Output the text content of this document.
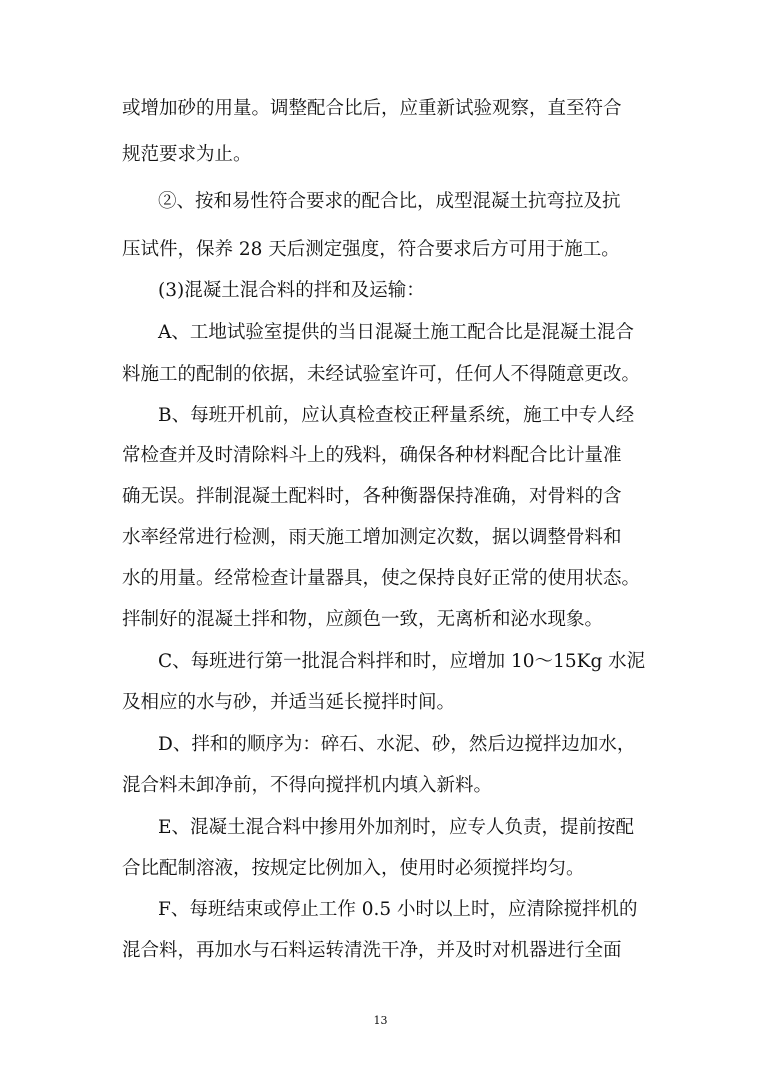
或增加砂的用量。调整配合比后，应重新试验观察，直至符合
规范要求为止。
②、按和易性符合要求的配合比，成型混凝土抗弯拉及抗
压试件，保养 28 天后测定强度，符合要求后方可用于施工。
(3)混凝土混合料的拌和及运输：
A、工地试验室提供的当日混凝土施工配合比是混凝土混合
料施工的配制的依据，未经试验室许可，任何人不得随意更改。
B、每班开机前，应认真检查校正秤量系统，施工中专人经
常检查并及时清除料斗上的残料，确保各种材料配合比计量准
确无误。拌制混凝土配料时，各种衡器保持准确，对骨料的含
水率经常进行检测，雨天施工增加测定次数，据以调整骨料和
水的用量。经常检查计量器具，使之保持良好正常的使用状态。
拌制好的混凝土拌和物，应颜色一致，无离析和泌水现象。
C、每班进行第一批混合料拌和时，应增加 10～15Kg 水泥
及相应的水与砂，并适当延长搅拌时间。
D、拌和的顺序为：碎石、水泥、砂，然后边搅拌边加水，
混合料未卸净前，不得向搅拌机内填入新料。
E、混凝土混合料中掺用外加剂时，应专人负责，提前按配
合比配制溶液，按规定比例加入，使用时必须搅拌均匀。
F、每班结束或停止工作 0.5 小时以上时，应清除搅拌机的
混合料，再加水与石料运转清洗干净，并及时对机器进行全面
13
